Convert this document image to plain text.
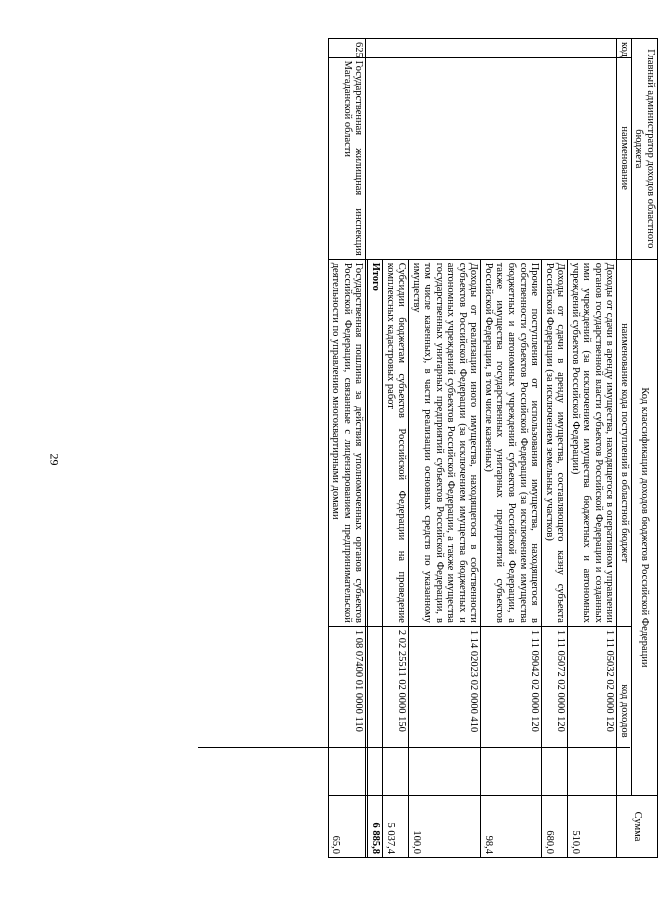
29
Главный администратор доходов областного бюджета		Код классификации доходов бюджетов Российской Федерации		Сумма
код	наименование	наименование кода поступлений в областной бюджет	код доходов	
		Доходы от сдачи в аренду имущества, находящегося в оперативном управлении органов государственной власти субъектов Российской Федерации и созданных ими учреждений (за исключением имущества бюджетных и автономных учреждений субъектов Российской Федерации)	1 11 05032 02 0000 120	510,0
		Доходы от сдачи в аренду имущества, составляющего казну субъекта Российской Федерации (за исключением земельных участков)	1 11 05072 02 0000 120	680,0
		Прочие поступления от использования имущества, находящегося в собственности субъектов Российской Федерации (за исключением имущества бюджетных и автономных учреждений субъектов Российской Федерации, а также имущества государственных унитарных предприятий субъектов Российской Федерации, в том числе казенных)	1 11 09042 02 0000 120	98,4
		Доходы от реализации иного имущества, находящегося в собственности субъектов Российской Федерации (за исключением имущества бюджетных и автономных учреждений субъектов Российской Федерации, а также имущества государственных унитарных предприятий субъектов Российской Федерации, в том числе казенных), в части реализации основных средств по указанному имуществу	1 14 02023 02 0000 410	100,0
		Субсидии бюджетам субъектов Российской Федерации на проведение комплексных кадастровых работ	2 02 25511 02 0000 150	5 037,4
		Итого		6 885,8

625	Государственная жилищная инспекция Магаданской области	Государственная пошлина за действия уполномоченных органов субъектов Российской Федерации, связанные с лицензированием предпринимательской деятельности по управлению многоквартирными домами	1 08 07400 01 0000 110	65,0
